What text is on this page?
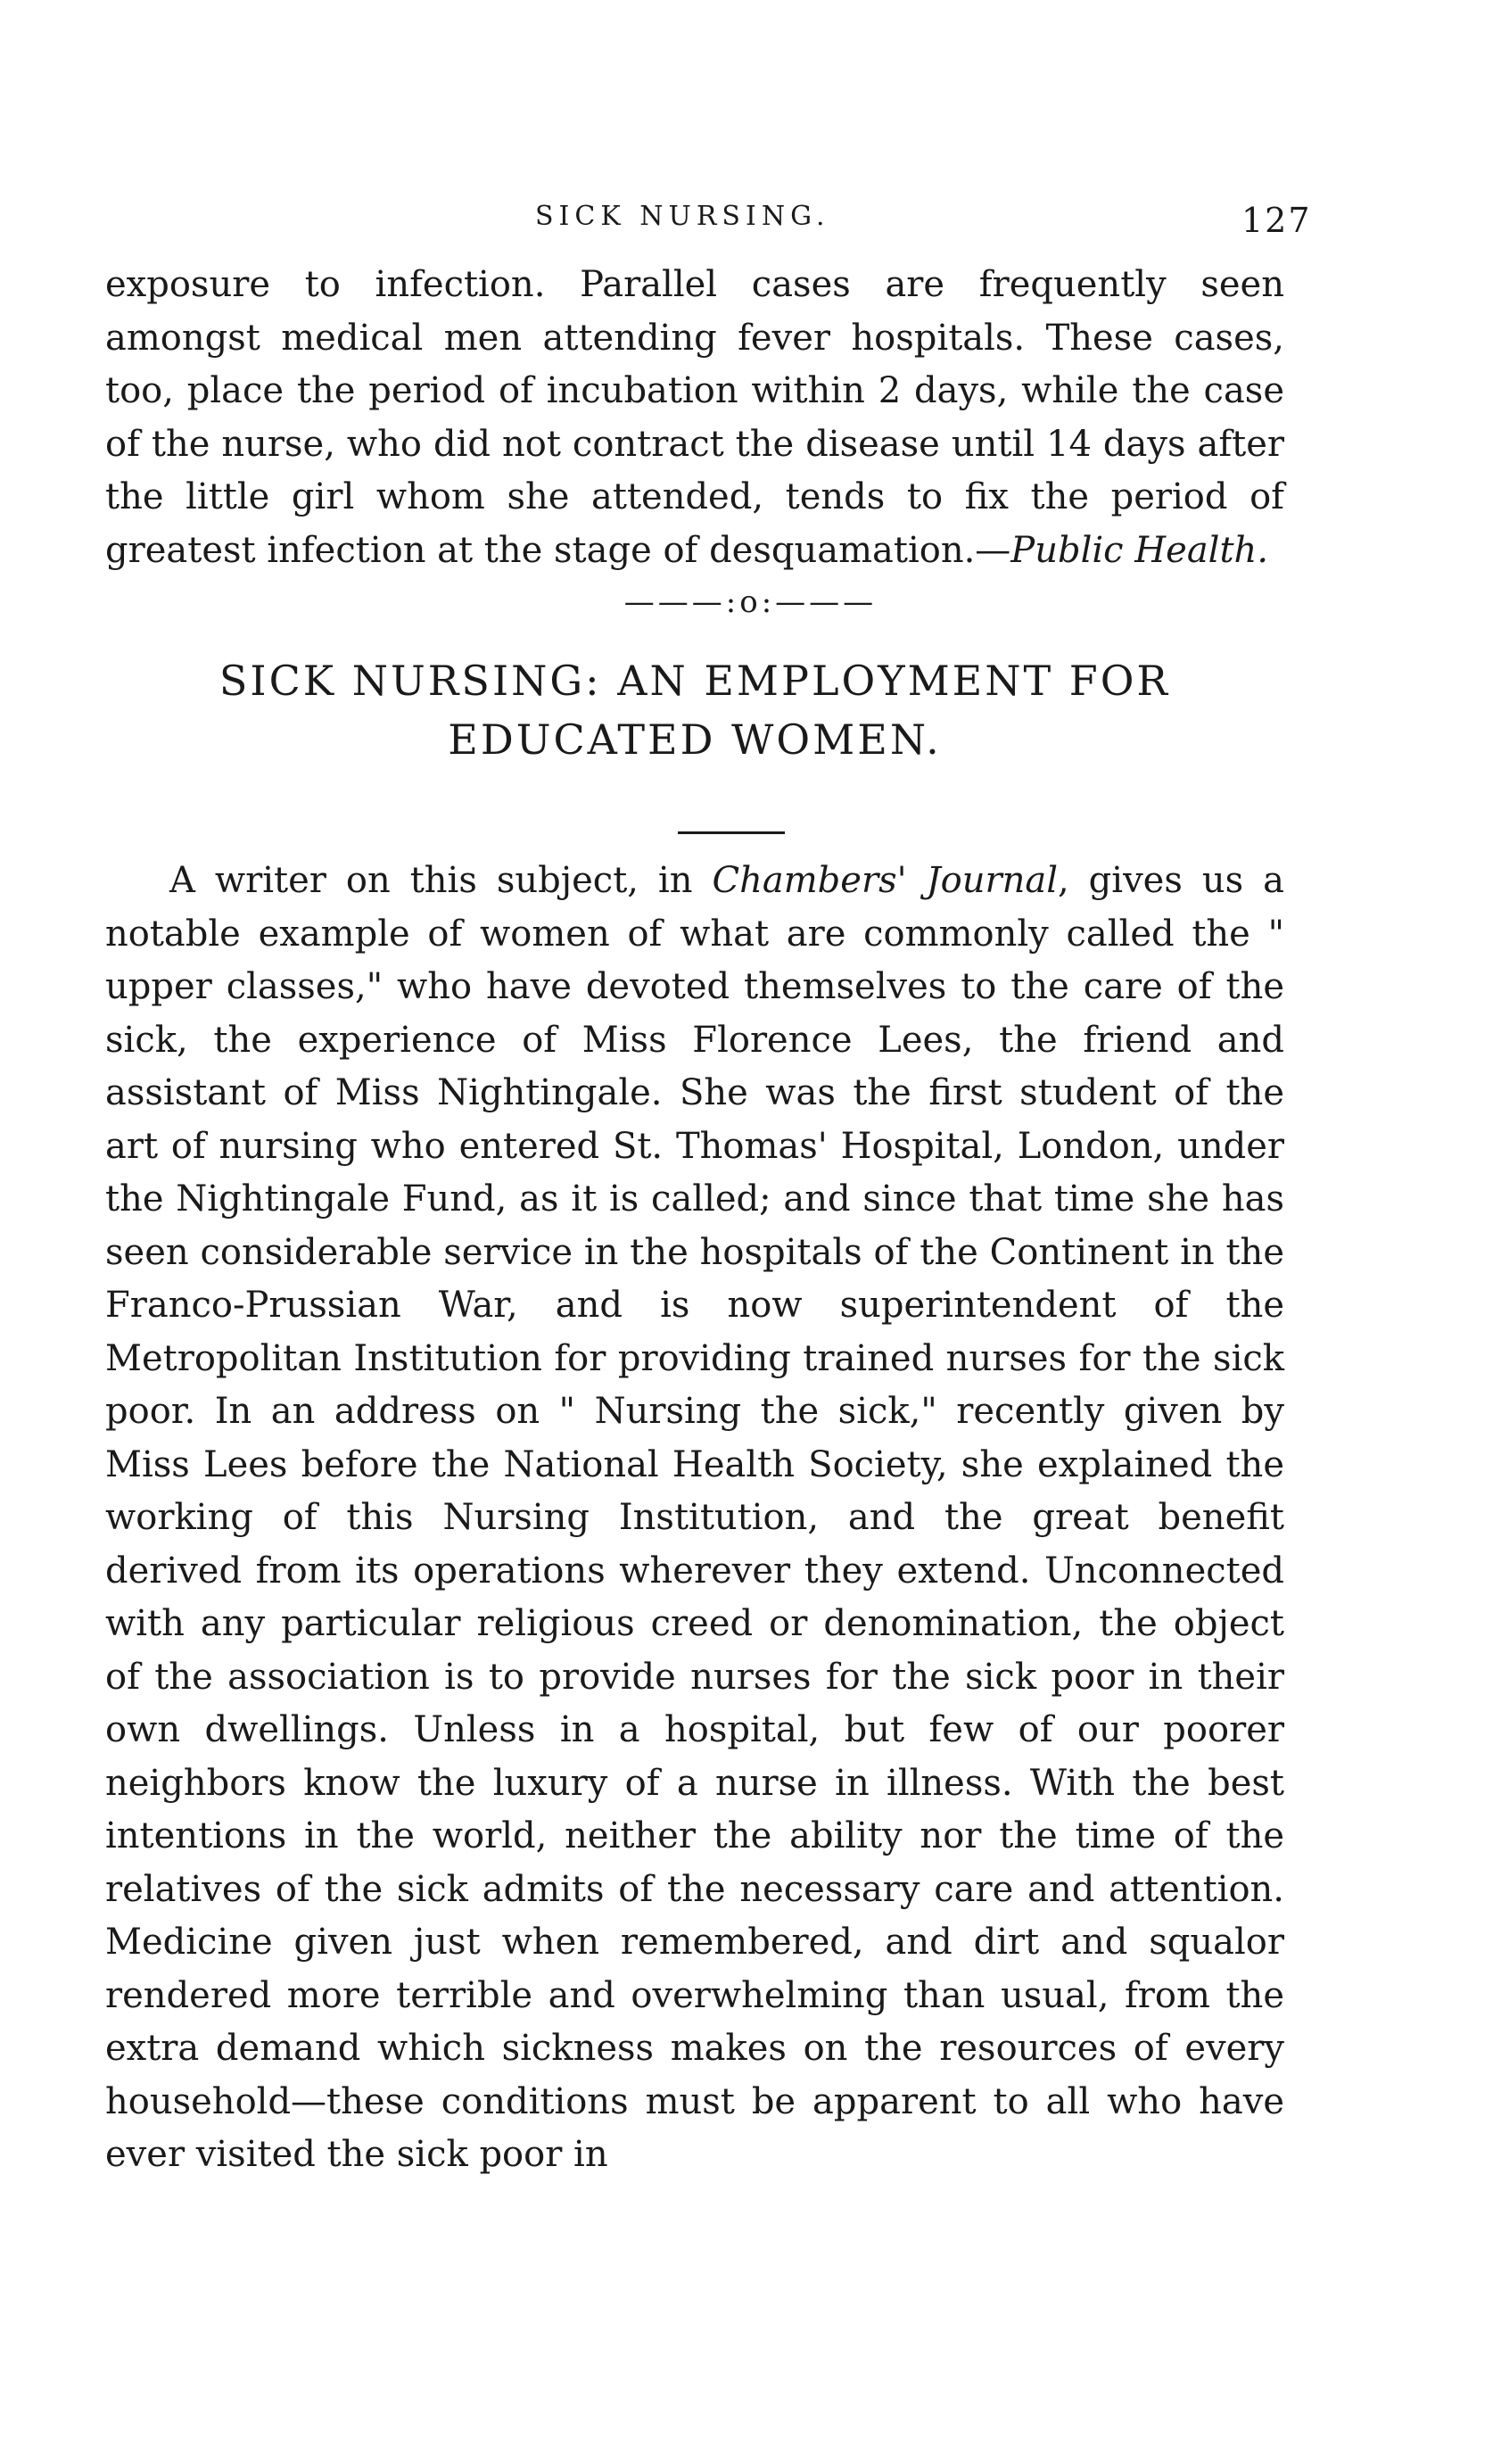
SICK NURSING.	127

exposure to infection. Parallel cases are frequently seen amongst medical men attending fever hospitals. These cases, too, place the period of incubation within 2 days, while the case of the nurse, who did not contract the disease until 14 days after the little girl whom she attended, tends to fix the period of greatest infection at the stage of desquamation.—Public Health.

———:o:———
SICK NURSING: AN EMPLOYMENT FOR EDUCATED WOMEN.

A writer on this subject, in Chambers' Journal, gives us a notable example of women of what are commonly called the " upper classes," who have devoted themselves to the care of the sick, the experience of Miss Florence Lees, the friend and assistant of Miss Nightingale. She was the first student of the art of nursing who entered St. Thomas' Hospital, London, under the Nightingale Fund, as it is called; and since that time she has seen considerable service in the hospitals of the Continent in the Franco-Prussian War, and is now superintendent of the Metropolitan Institution for providing trained nurses for the sick poor. In an address on " Nursing the sick," recently given by Miss Lees before the National Health Society, she explained the working of this Nursing Institution, and the great benefit derived from its operations wherever they extend. Unconnected with any particular religious creed or denomination, the object of the association is to provide nurses for the sick poor in their own dwellings. Unless in a hospital, but few of our poorer neighbors know the luxury of a nurse in illness. With the best intentions in the world, neither the ability nor the time of the relatives of the sick admits of the necessary care and attention. Medicine given just when remembered, and dirt and squalor rendered more terrible and overwhelming than usual, from the extra demand which sickness makes on the resources of every household—these conditions must be apparent to all who have ever visited the sick poor in
